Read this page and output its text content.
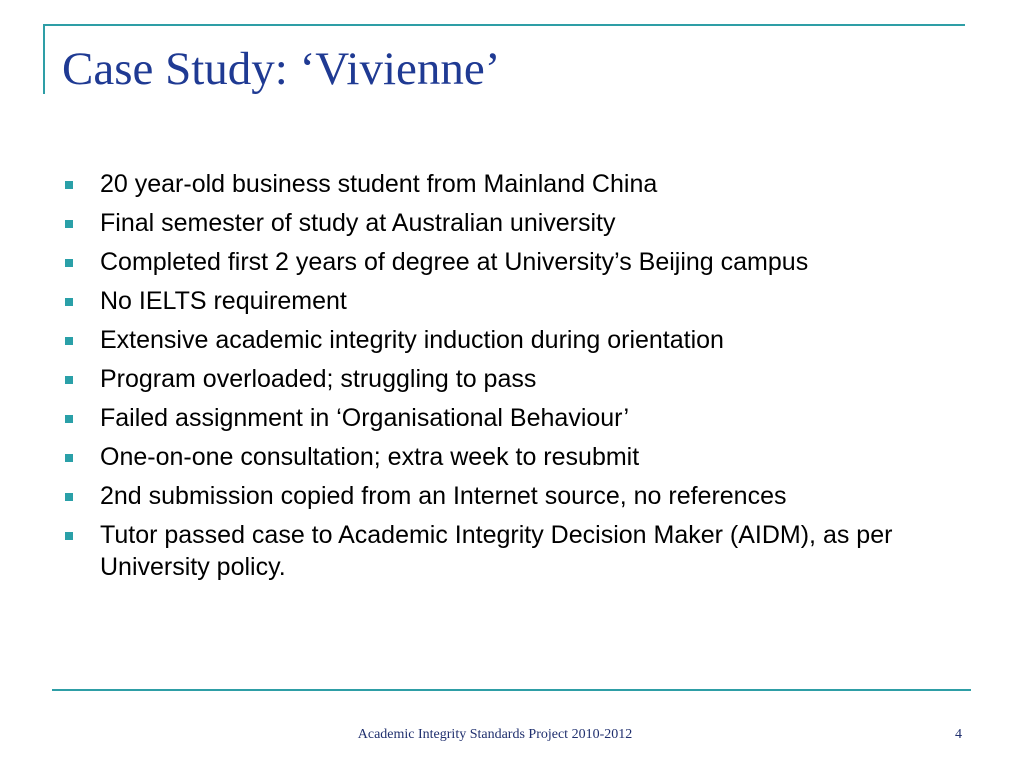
Case Study: ‘Vivienne’
20 year-old business student from Mainland China
Final semester of study at Australian university
Completed first 2 years of degree at University’s Beijing campus
No IELTS requirement
Extensive academic integrity induction during orientation
Program overloaded; struggling to pass
Failed assignment in ‘Organisational Behaviour’
One-on-one consultation; extra week to resubmit
2nd submission copied from an Internet source, no references
Tutor passed case to Academic Integrity Decision Maker (AIDM), as per University policy.
Academic Integrity Standards Project 2010-2012	4
